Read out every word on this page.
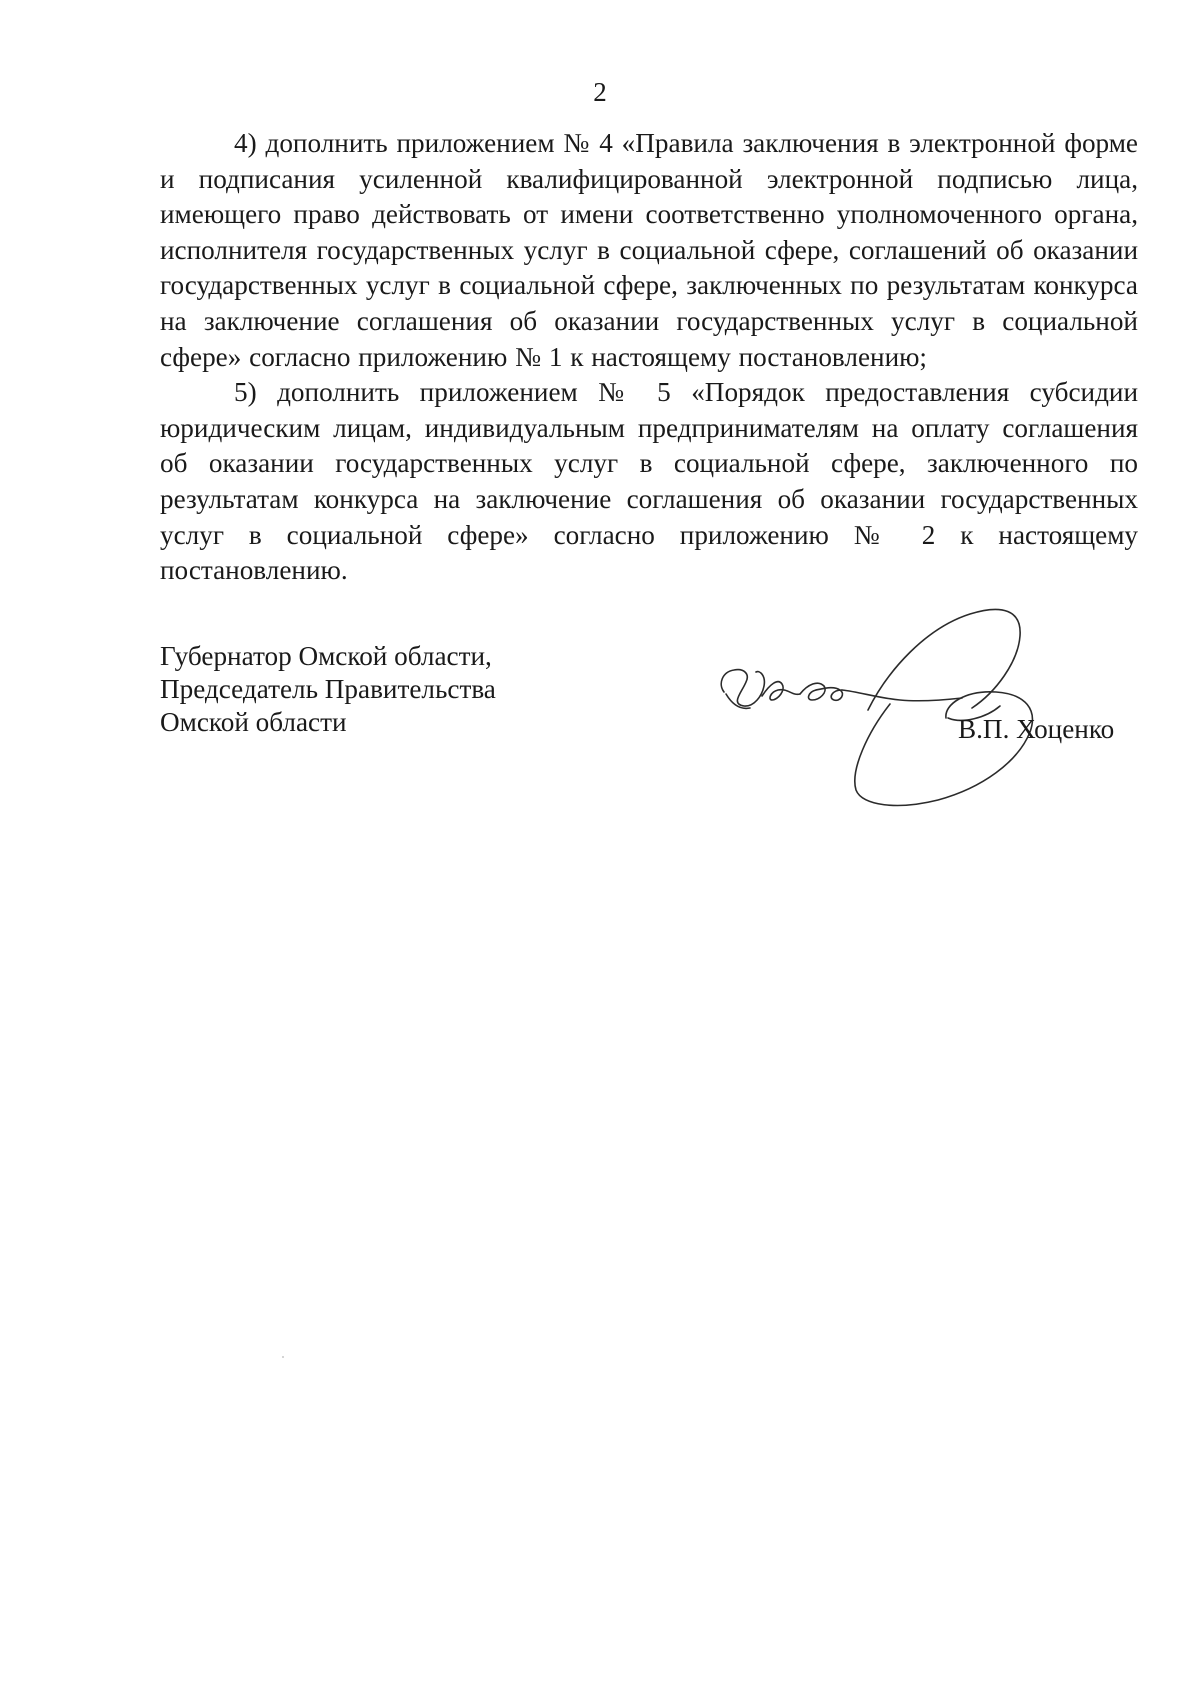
2

4) дополнить приложением № 4 «Правила заключения в электронной форме и подписания усиленной квалифицированной электронной подписью лица, имеющего право действовать от имени соответственно уполномоченного органа, исполнителя государственных услуг в социальной сфере, соглашений об оказании государственных услуг в социальной сфере, заключенных по результатам конкурса на заключение соглашения об оказании государственных услуг в социальной сфере» согласно приложению № 1 к настоящему постановлению;

5) дополнить приложением № 5 «Порядок предоставления субсидии юридическим лицам, индивидуальным предпринимателям на оплату соглашения об оказании государственных услуг в социальной сфере, заключенного по результатам конкурса на заключение соглашения об оказании государственных услуг в социальной сфере» согласно приложению № 2 к настоящему постановлению.

Губернатор Омской области,
Председатель Правительства
Омской области	В.П. Хоценко
